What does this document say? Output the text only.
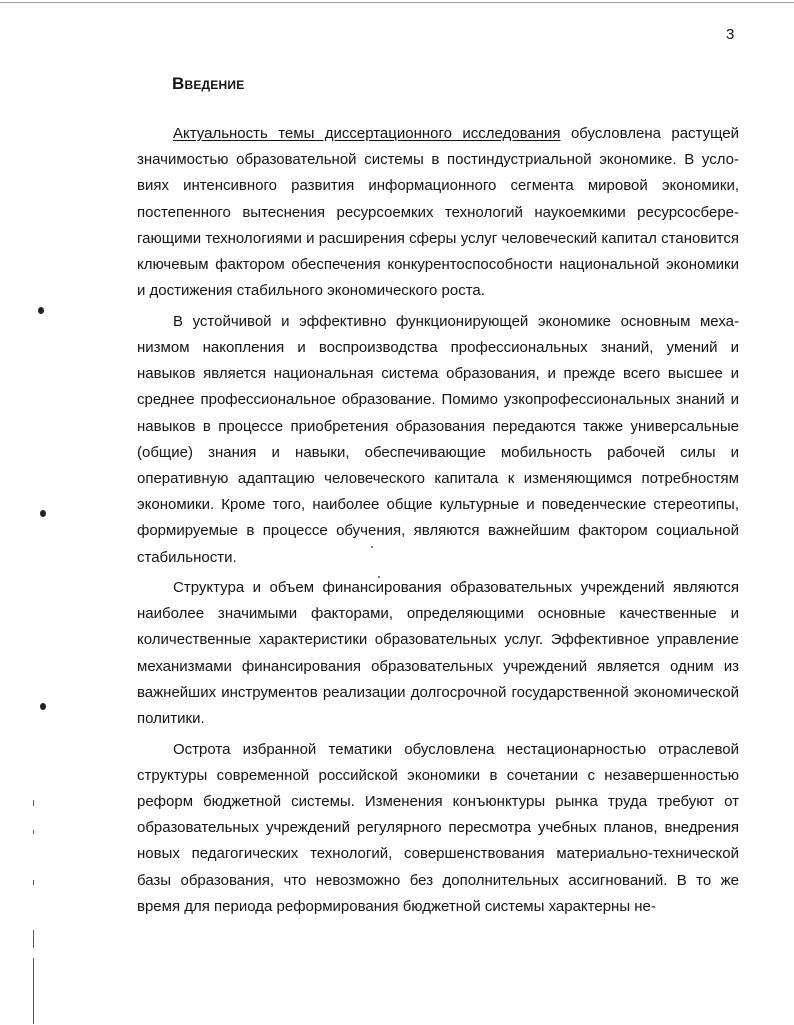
3
Введение

Актуальность темы диссертационного исследования обусловлена растущей значимостью образовательной системы в постиндустриальной экономике. В условиях интенсивного развития информационного сегмента мировой экономики, постепенного вытеснения ресурсоемких технологий наукоемкими ресурсосберегающими технологиями и расширения сферы услуг человеческий капитал становится ключевым фактором обеспечения конкурентоспособности национальной экономики и достижения стабильного экономического роста.

В устойчивой и эффективно функционирующей экономике основным механизмом накопления и воспроизводства профессиональных знаний, умений и навыков является национальная система образования, и прежде всего высшее и среднее профессиональное образование. Помимо узкопрофессиональных знаний и навыков в процессе приобретения образования передаются также универсальные (общие) знания и навыки, обеспечивающие мобильность рабочей силы и оперативную адаптацию человеческого капитала к изменяющимся потребностям экономики. Кроме того, наиболее общие культурные и поведенческие стереотипы, формируемые в процессе обучения, являются важнейшим фактором социальной стабильности.

Структура и объем финансирования образовательных учреждений являются наиболее значимыми факторами, определяющими основные качественные и количественные характеристики образовательных услуг. Эффективное управление механизмами финансирования образовательных учреждений является одним из важнейших инструментов реализации долгосрочной государственной экономической политики.

Острота избранной тематики обусловлена нестационарностью отраслевой структуры современной российской экономики в сочетании с незавершенностью реформ бюджетной системы. Изменения конъюнктуры рынка труда требуют от образовательных учреждений регулярного пересмотра учебных планов, внедрения новых педагогических технологий, совершенствования материально-технической базы образования, что невозможно без дополнительных ассигнований. В то же время для периода реформирования бюджетной системы характерны не-
